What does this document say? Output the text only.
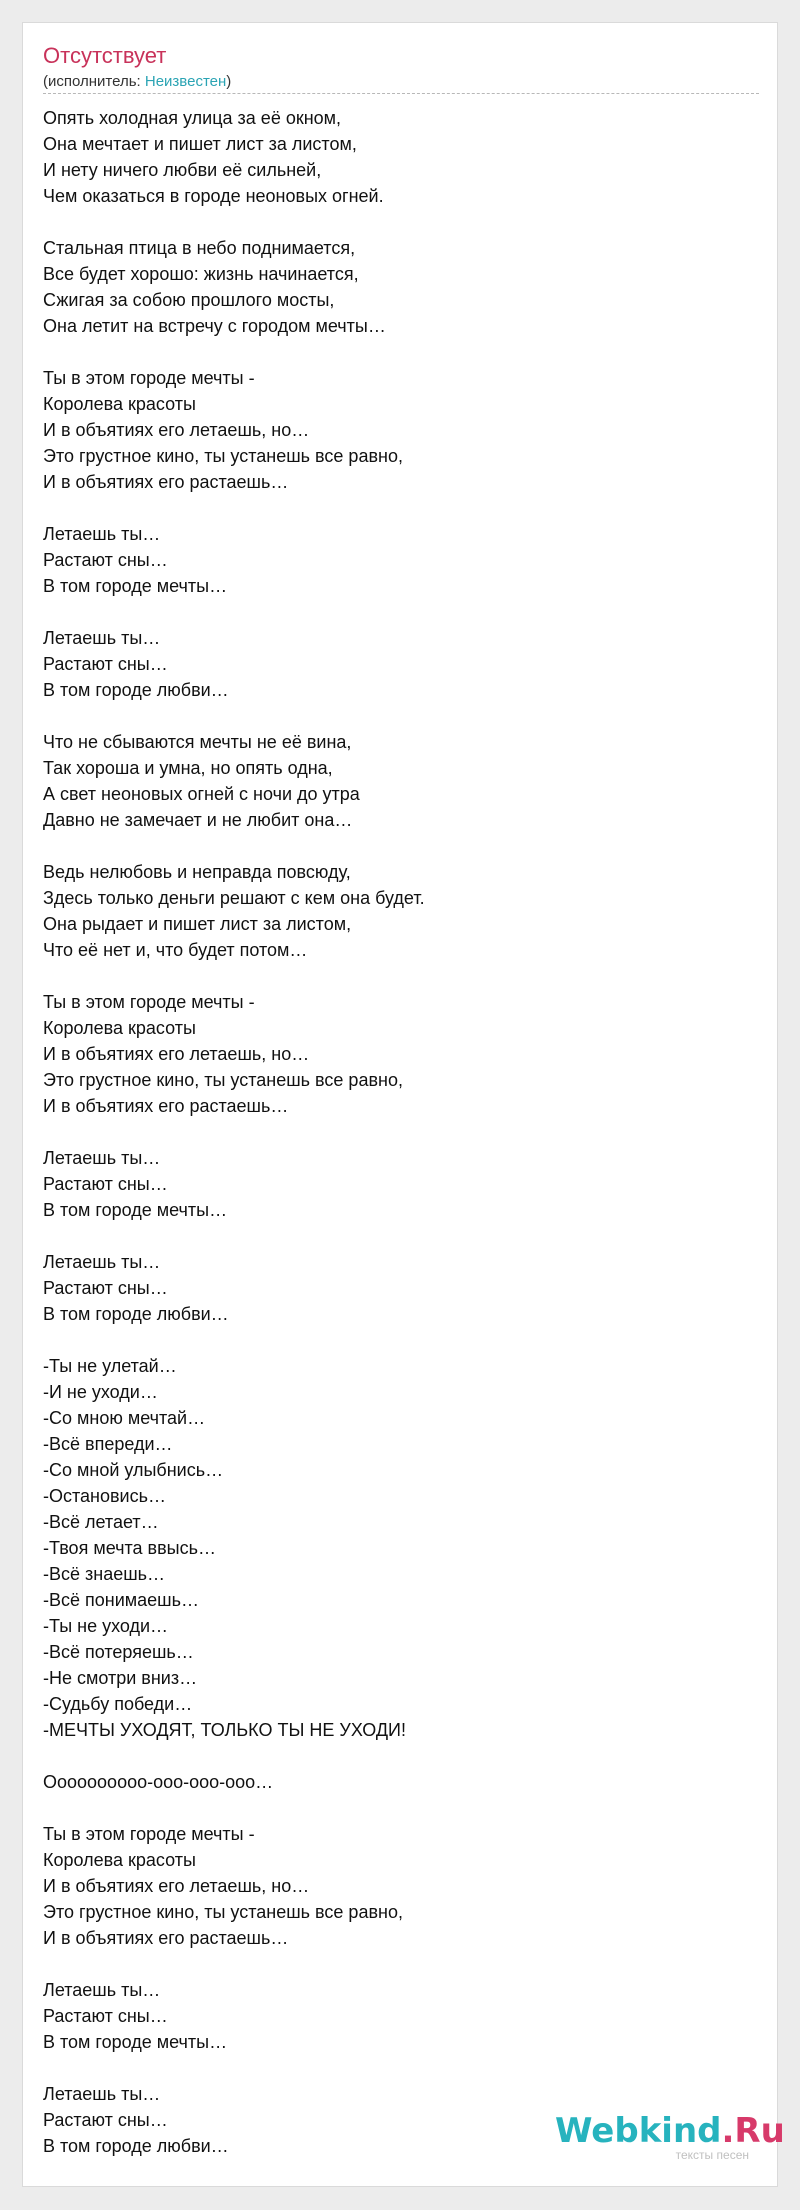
Отсутствует
(исполнитель: Неизвестен)

Опять холодная улица за её окном,
Она мечтает и пишет лист за листом,
И нету ничего любви её сильней,
Чем оказаться в городе неоновых огней.

Стальная птица в небо поднимается,
Все будет хорошо: жизнь начинается,
Сжигая за собою прошлого мосты,
Она летит на встречу с городом мечты…

Ты в этом городе мечты -
Королева красоты
И в объятиях его летаешь, но…
Это грустное кино, ты устанешь все равно,
И в объятиях его растаешь…

Летаешь ты…
Растают сны…
В том городе мечты…

Летаешь ты…
Растают сны…
В том городе любви…

Что не сбываются мечты не её вина,
Так хороша и умна, но опять одна,
А свет неоновых огней с ночи до утра
Давно не замечает и не любит она…

Ведь нелюбовь и неправда повсюду,
Здесь только деньги решают с кем она будет.
Она рыдает и пишет лист за листом,
Что её нет и, что будет потом…

Ты в этом городе мечты -
Королева красоты
И в объятиях его летаешь, но…
Это грустное кино, ты устанешь все равно,
И в объятиях его растаешь…

Летаешь ты…
Растают сны…
В том городе мечты…

Летаешь ты…
Растают сны…
В том городе любви…

-Ты не улетай…
-И не уходи…
-Со мною мечтай…
-Всё впереди…
-Со мной улыбнись…
-Остановись…
-Всё летает…
-Твоя мечта ввысь…
-Всё знаешь…
-Всё понимаешь…
-Ты не уходи…
-Всё потеряешь…
-Не смотри вниз…
-Судьбу победи…
-МЕЧТЫ УХОДЯТ, ТОЛЬКО ТЫ НЕ УХОДИ!

Оооооооооо-ооо-ооо-ооо…

Ты в этом городе мечты -
Королева красоты
И в объятиях его летаешь, но…
Это грустное кино, ты устанешь все равно,
И в объятиях его растаешь…

Летаешь ты…
Растают сны…
В том городе мечты…

Летаешь ты…
Растают сны…
В том городе любви…	Webkind.Ru
тексты песен
